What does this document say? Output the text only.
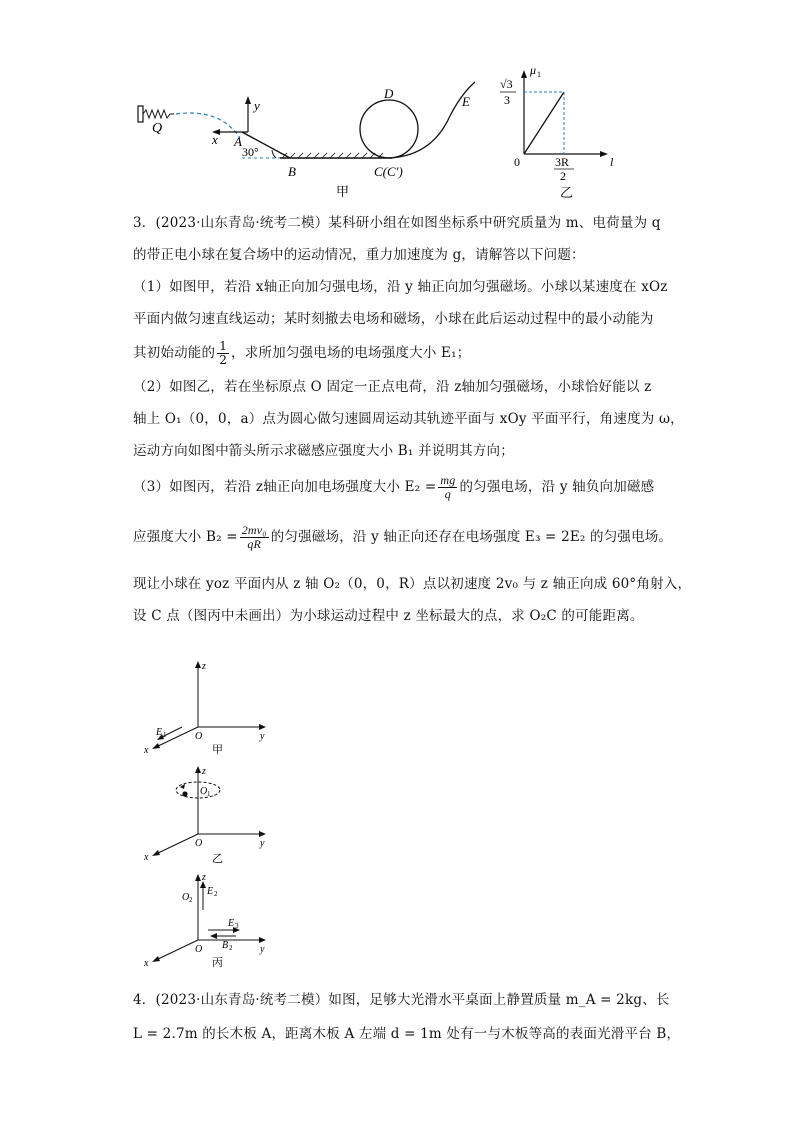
Q
x
y
A
30°
B	C(C′)
D
E
甲
μ 1
√3
3
0	3R
2
l
乙
3．(2023·山东青岛·统考二模）某科研小组在如图坐标系中研究质量为 m、电荷量为 q
的带正电小球在复合场中的运动情况，重力加速度为 g，请解答以下问题：
（1）如图甲，若沿 x轴正向加匀强电场，沿 y 轴正向加匀强磁场。小球以某速度在 xOz
平面内做匀速直线运动；某时刻撤去电场和磁场，小球在此后运动过程中的最小动能为
其初始动能的 $\frac{1}{2}$ ，求所加匀强电场的电场强度大小 E₁；
（2）如图乙，若在坐标原点 O 固定一正点电荷，沿 z轴加匀强磁场，小球恰好能以 z
轴上 O₁（0，0，a）点为圆心做匀速圆周运动其轨迹平面与 xOy 平面平行，角速度为 ω，
运动方向如图中箭头所示求磁感应强度大小 B₁ 并说明其方向；
（3）如图丙，若沿 z轴正向加电场强度大小 $E_2 = \frac{mg}{q}$ 的匀强电场，沿 y 轴负向加磁感
应强度大小 $B_2 = \frac{\text{2mv₀}}{qR}$ 的匀强磁场，沿 y 轴正向还存在电场强度 E₃ = 2E₂ 的匀强电场。
现让小球在 yoz 平面内从 z 轴 O₂（0，0，R）点以初速度 2v₀ 与 z 轴正向成 60°角射入，
设 C 点（图丙中未画出）为小球运动过程中 z 坐标最大的点，求 O₂C 的可能距离。
z
y
x
O
E 1
甲
z
y
x
O
O 1
乙
z
y
x
O
O 2
E 2
E 3
B 2
丙
4．(2023·山东青岛·统考二模）如图，足够大光滑水平桌面上静置质量 m_A = 2kg、长
L = 2.7m 的长木板 A，距离木板 A 左端 d = 1m 处有一与木板等高的表面光滑平台 B，
